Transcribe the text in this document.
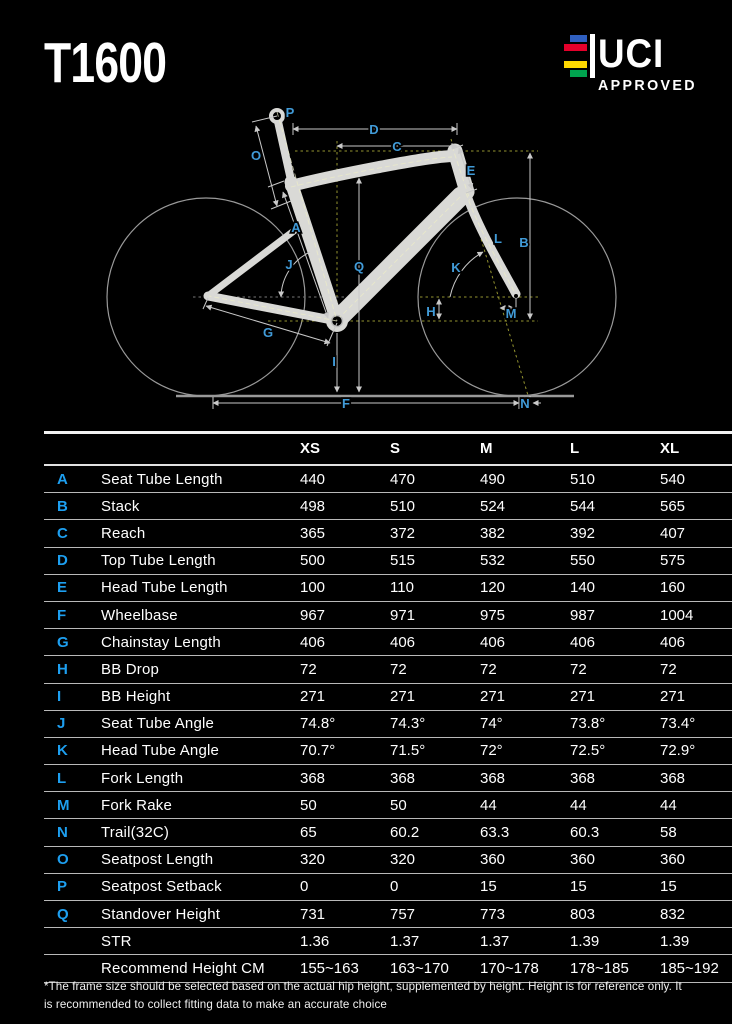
T1600	UCI
APPROVED
A
B
C
D
E
F
G
H
I
J	K
L
M
N
O
P
Q
		XS	S	M	L	XL
A	Seat Tube Length	440	470	490	510	540
B	Stack	498	510	524	544	565
C	Reach	365	372	382	392	407
D	Top Tube Length	500	515	532	550	575
E	Head Tube Length	100	110	120	140	160
F	Wheelbase	967	971	975	987	1004
G	Chainstay Length	406	406	406	406	406
H	BB Drop	72	72	72	72	72
I	BB Height	271	271	271	271	271
J	Seat Tube Angle	74.8°	74.3°	74°	73.8°	73.4°
K	Head Tube Angle	70.7°	71.5°	72°	72.5°	72.9°
L	Fork Length	368	368	368	368	368
M	Fork Rake	50	50	44	44	44
N	Trail(32C)	65	60.2	63.3	60.3	58
O	Seatpost Length	320	320	360	360	360
P	Seatpost Setback	0	0	15	15	15
Q	Standover Height	731	757	773	803	832
	STR	1.36	1.37	1.37	1.39	1.39
	Recommend Height CM	155~163	163~170	170~178	178~185	185~192

*The frame size should be selected based on the actual hip height, supplemented by height. Height is for reference only. It is recommended to collect fitting data to make an accurate choice
